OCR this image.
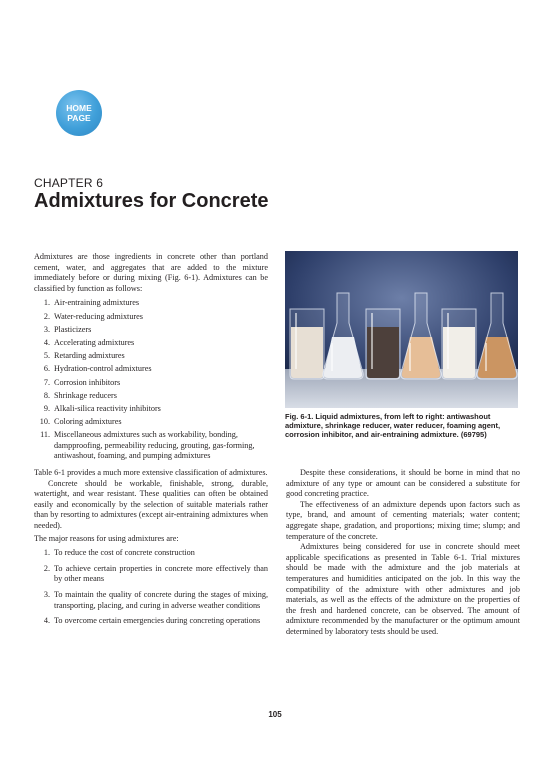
HOME
PAGE
CHAPTER 6
Admixtures for Concrete

Admixtures are those ingredients in concrete other than portland cement, water, and aggregates that are added to the mixture immediately before or during mixing (Fig. 6-1). Admixtures can be classified by function as follows:

1. Air-entraining admixtures
2. Water-reducing admixtures
3. Plasticizers
4. Accelerating admixtures
5. Retarding admixtures
6. Hydration-control admixtures
7. Corrosion inhibitors
8. Shrinkage reducers
9. Alkali-silica reactivity inhibitors
10. Coloring admixtures
11. Miscellaneous admixtures such as workability, bonding, dampproofing, permeability reducing, grouting, gas-forming, antiwashout, foaming, and pumping admixtures

Table 6-1 provides a much more extensive classification of admixtures.

Concrete should be workable, finishable, strong, durable, watertight, and wear resistant. These qualities can often be obtained easily and economically by the selection of suitable materials rather than by resorting to admixtures (except air-entraining admixtures when needed).

The major reasons for using admixtures are:

1. To reduce the cost of concrete construction
2. To achieve certain properties in concrete more effectively than by other means
3. To maintain the quality of concrete during the stages of mixing, transporting, placing, and curing in adverse weather conditions
4. To overcome certain emergencies during concreting operations
Fig. 6-1. Liquid admixtures, from left to right: antiwashout admixture, shrinkage reducer, water reducer, foaming agent, corrosion inhibitor, and air-entraining admixture. (69795)

Despite these considerations, it should be borne in mind that no admixture of any type or amount can be considered a substitute for good concreting practice.

The effectiveness of an admixture depends upon factors such as type, brand, and amount of cementing materials; water content; aggregate shape, gradation, and proportions; mixing time; slump; and temperature of the concrete.

Admixtures being considered for use in concrete should meet applicable specifications as presented in Table 6-1. Trial mixtures should be made with the admixture and the job materials at temperatures and humidities anticipated on the job. In this way the compatibility of the admixture with other admixtures and job materials, as well as the effects of the admixture on the properties of the fresh and hardened concrete, can be observed. The amount of admixture recommended by the manufacturer or the optimum amount determined by laboratory tests should be used.

105
